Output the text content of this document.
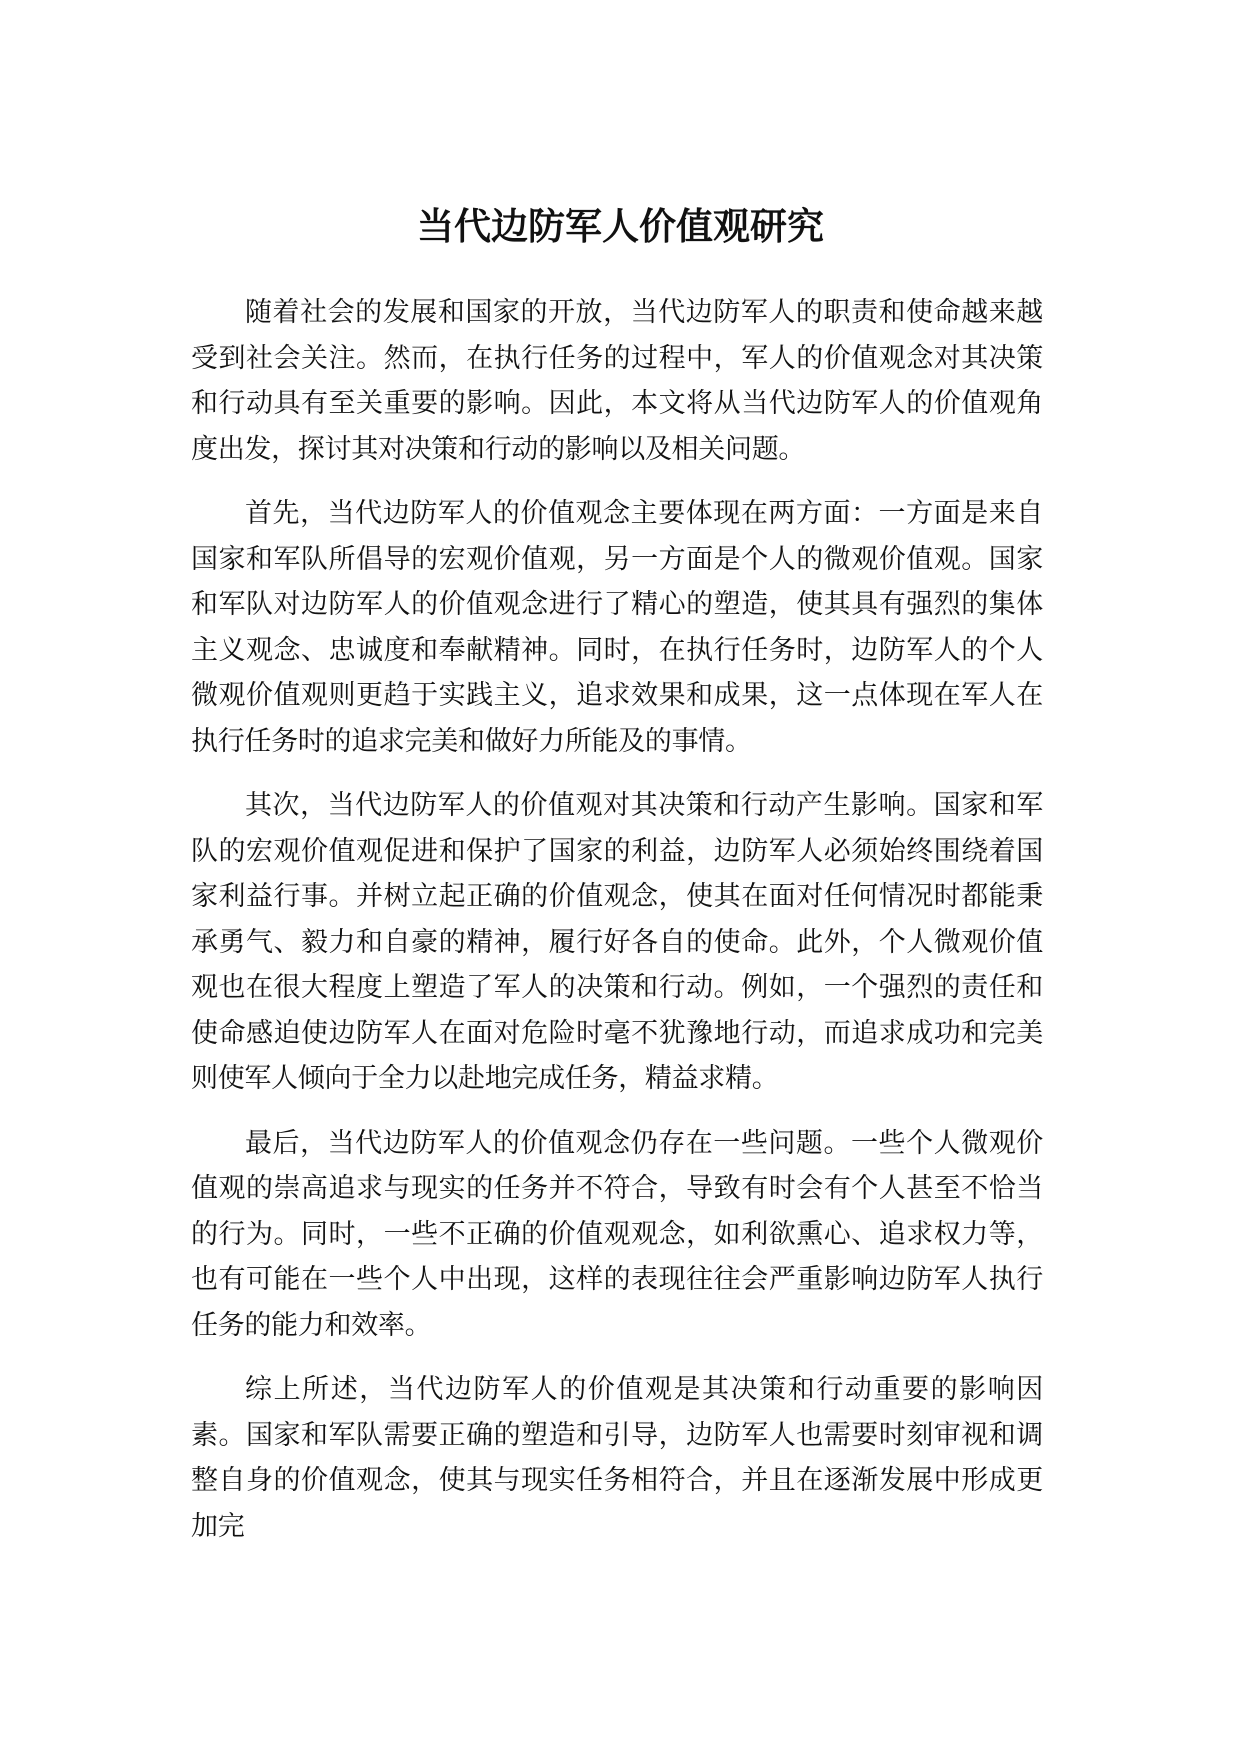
当代边防军人价值观研究

随着社会的发展和国家的开放，当代边防军人的职责和使命越来越受到社会关注。然而，在执行任务的过程中，军人的价值观念对其决策和行动具有至关重要的影响。因此，本文将从当代边防军人的价值观角度出发，探讨其对决策和行动的影响以及相关问题。

首先，当代边防军人的价值观念主要体现在两方面：一方面是来自国家和军队所倡导的宏观价值观，另一方面是个人的微观价值观。国家和军队对边防军人的价值观念进行了精心的塑造，使其具有强烈的集体主义观念、忠诚度和奉献精神。同时，在执行任务时，边防军人的个人微观价值观则更趋于实践主义，追求效果和成果，这一点体现在军人在执行任务时的追求完美和做好力所能及的事情。

其次，当代边防军人的价值观对其决策和行动产生影响。国家和军队的宏观价值观促进和保护了国家的利益，边防军人必须始终围绕着国家利益行事。并树立起正确的价值观念，使其在面对任何情况时都能秉承勇气、毅力和自豪的精神，履行好各自的使命。此外，个人微观价值观也在很大程度上塑造了军人的决策和行动。例如，一个强烈的责任和使命感迫使边防军人在面对危险时毫不犹豫地行动，而追求成功和完美则使军人倾向于全力以赴地完成任务，精益求精。

最后，当代边防军人的价值观念仍存在一些问题。一些个人微观价值观的崇高追求与现实的任务并不符合，导致有时会有个人甚至不恰当的行为。同时，一些不正确的价值观观念，如利欲熏心、追求权力等，也有可能在一些个人中出现，这样的表现往往会严重影响边防军人执行任务的能力和效率。

综上所述，当代边防军人的价值观是其决策和行动重要的影响因素。国家和军队需要正确的塑造和引导，边防军人也需要时刻审视和调整自身的价值观念，使其与现实任务相符合，并且在逐渐发展中形成更加完
